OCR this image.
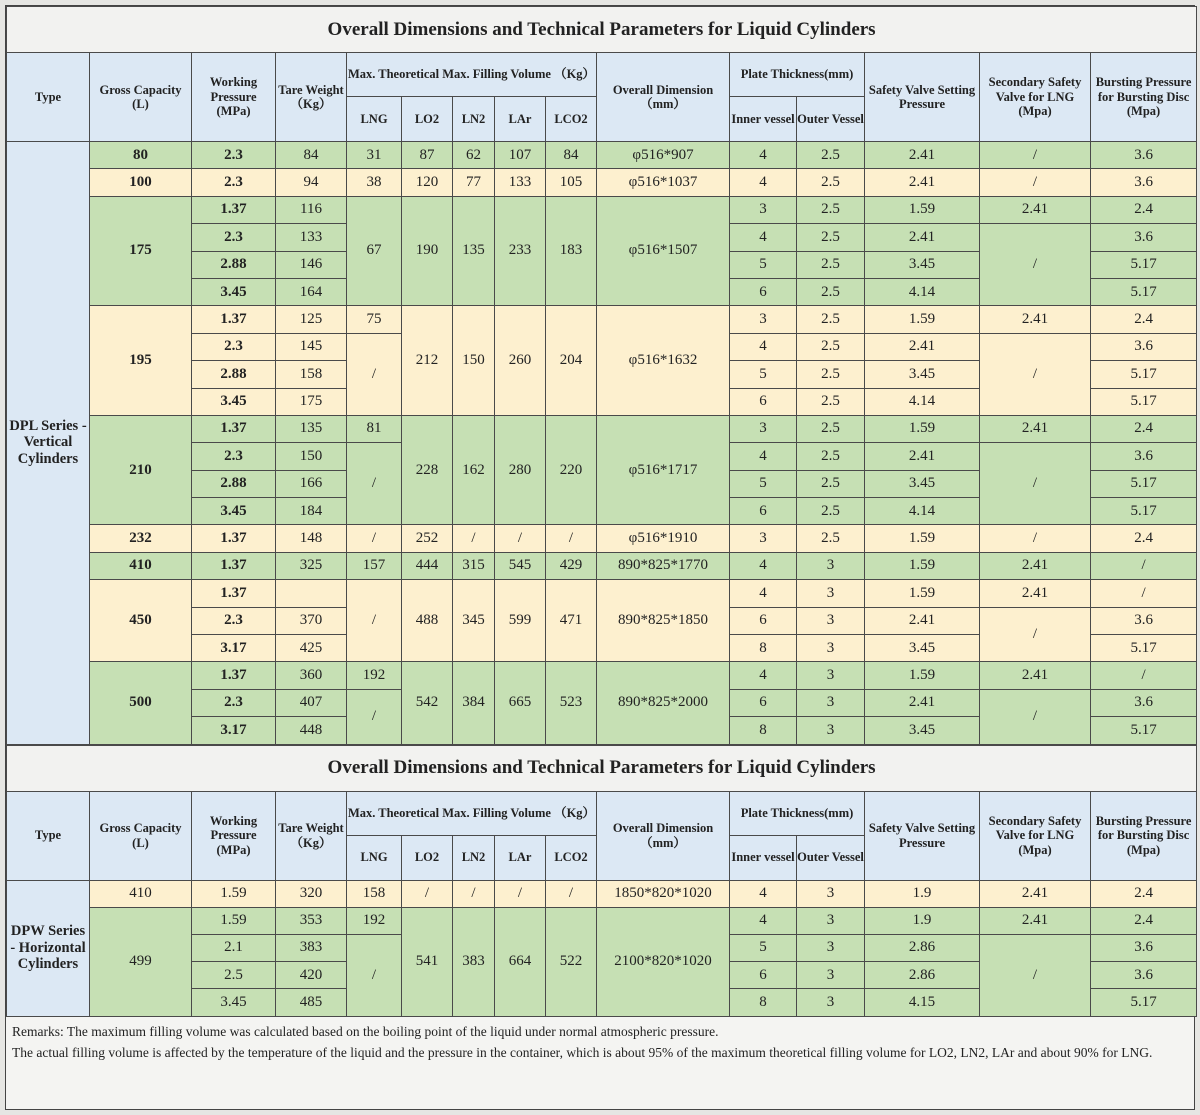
Overall Dimensions and Technical Parameters for Liquid Cylinders														
Type	Gross Capacity (L)	Working Pressure (MPa)	Tare Weight （Kg）	Max. Theoretical Max. Filling Volume （Kg）					Overall Dimension （mm）	Plate Thickness(mm)		Safety Valve Setting Pressure	Secondary Safety Valve for LNG (Mpa)	Bursting Pressure for Bursting Disc (Mpa)
				LNG	LO2	LN2	LAr	LCO2		Inner vessel	Outer Vessel			
DPL Series - Vertical Cylinders	80	2.3	84	31	87	62	107	84	φ516*907	4	2.5	2.41	/	3.6
	100	2.3	94	38	120	77	133	105	φ516*1037	4	2.5	2.41	/	3.6
	175	1.37	116	67	190	135	233	183	φ516*1507	3	2.5	1.59	2.41	2.4
		2.3	133							4	2.5	2.41	/	3.6
		2.88	146							5	2.5	3.45		5.17
		3.45	164							6	2.5	4.14		5.17
	195	1.37	125	75	212	150	260	204	φ516*1632	3	2.5	1.59	2.41	2.4
		2.3	145	/						4	2.5	2.41	/	3.6
		2.88	158							5	2.5	3.45		5.17
		3.45	175							6	2.5	4.14		5.17
	210	1.37	135	81	228	162	280	220	φ516*1717	3	2.5	1.59	2.41	2.4
		2.3	150	/						4	2.5	2.41	/	3.6
		2.88	166							5	2.5	3.45		5.17
		3.45	184							6	2.5	4.14		5.17
	232	1.37	148	/	252	/	/	/	φ516*1910	3	2.5	1.59	/	2.4
	410	1.37	325	157	444	315	545	429	890*825*1770	4	3	1.59	2.41	/
	450	1.37		/	488	345	599	471	890*825*1850	4	3	1.59	2.41	/
		2.3	370							6	3	2.41	/	3.6
		3.17	425							8	3	3.45		5.17
	500	1.37	360	192	542	384	665	523	890*825*2000	4	3	1.59	2.41	/
		2.3	407	/						6	3	2.41	/	3.6
		3.17	448							8	3	3.45		5.17
Overall Dimensions and Technical Parameters for Liquid Cylinders														
Type	Gross Capacity (L)	Working Pressure (MPa)	Tare Weight （Kg）	Max. Theoretical Max. Filling Volume （Kg）					Overall Dimension （mm）	Plate Thickness(mm)		Safety Valve Setting Pressure	Secondary Safety Valve for LNG (Mpa)	Bursting Pressure for Bursting Disc (Mpa)
				LNG	LO2	LN2	LAr	LCO2		Inner vessel	Outer Vessel			
DPW Series - Horizontal Cylinders	410	1.59	320	158	/	/	/	/	1850*820*1020	4	3	1.9	2.41	2.4
	499	1.59	353	192	541	383	664	522	2100*820*1020	4	3	1.9	2.41	2.4
		2.1	383	/						5	3	2.86	/	3.6
		2.5	420							6	3	2.86		3.6
		3.45	485							8	3	4.15		5.17
Remarks: The maximum filling volume was calculated based on the boiling point of the liquid under normal atmospheric pressure.
The actual filling volume is affected by the temperature of the liquid and the pressure in the container, which is about 95% of the maximum theoretical filling volume for LO2, LN2, LAr and about 90% for LNG.
